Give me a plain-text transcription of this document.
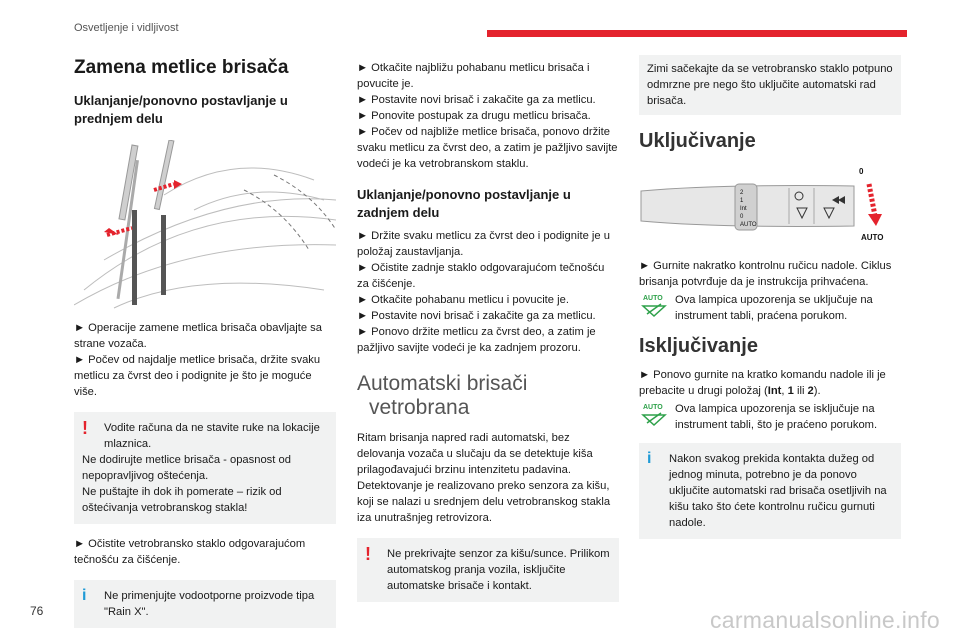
Osvetljenje i vidljivost
Zamena metlice brisača
Uklanjanje/ponovno postavljanje u prednjem delu

► Operacije zamene metlica brisača obavljajte sa strane vozača.

► Počev od najdalje metlice brisača, držite svaku metlicu za čvrst deo i podignite je što je moguće više.

!	Vodite računa da ne stavite ruke na lokacije mlaznica.
Ne dodirujte metlice brisača - opasnost od nepopravljivog oštećenja.
Ne puštajte ih dok ih pomerate – rizik od oštećivanja vetrobranskog stakla!

► Očistite vetrobransko staklo odgovarajućom tečnošću za čišćenje.

i	Ne primenjujte vodootporne proizvode tipa "Rain X".

► Otkačite najbližu pohabanu metlicu brisača i povucite je.

► Postavite novi brisač i zakačite ga za metlicu.

► Ponovite postupak za drugu metlicu brisača.

► Počev od najbliže metlice brisača, ponovo držite svaku metlicu za čvrst deo, a zatim je pažljivo savijte vodeći je ka vetrobranskom staklu.

Uklanjanje/ponovno postavljanje u zadnjem delu

► Držite svaku metlicu za čvrst deo i podignite je u položaj zaustavljanja.

► Očistite zadnje staklo odgovarajućom tečnošću za čišćenje.

► Otkačite pohabanu metlicu i povucite je.

► Postavite novi brisač i zakačite ga za metlicu.

► Ponovo držite metlicu za čvrst deo, a zatim je pažljivo savijte vodeći je ka zadnjem prozoru.

Automatski brisači
vetrobrana

Ritam brisanja napred radi automatski, bez delovanja vozača u slučaju da se detektuje kiša prilagođavajući brzinu intenzitetu padavina. Detektovanje je realizovano preko senzora za kišu, koji se nalazi u srednjem delu vetrobranskog stakla iza unutrašnjeg retrovizora.

!	Ne prekrivajte senzor za kišu/sunce. Prilikom automatskog pranja vozila, isključite automatske brisače i kontakt.
Zimi sačekajte da se vetrobransko staklo potpuno odmrzne pre nego što uključite automatski rad brisača.
Uključivanje
2
1
Int
0
AUTO
0
AUTO

► Gurnite nakratko kontrolnu ručicu nadole. Ciklus brisanja potvrđuje da je instrukcija prihvaćena.

AUTO Ova lampica upozorenja se uključuje na instrument tabli, praćena porukom.

Isključivanje

► Ponovo gurnite na kratko komandu nadole ili je prebacite u drugi položaj (Int, 1 ili 2).

AUTO Ova lampica upozorenja se isključuje na instrument tabli, što je praćeno porukom.

i	Nakon svakog prekida kontakta dužeg od jednog minuta, potrebno je da ponovo uključite automatski rad brisača osetljivih na kišu tako što ćete kontrolnu ručicu gurnuti nadole.
76	carmanualsonline.info
